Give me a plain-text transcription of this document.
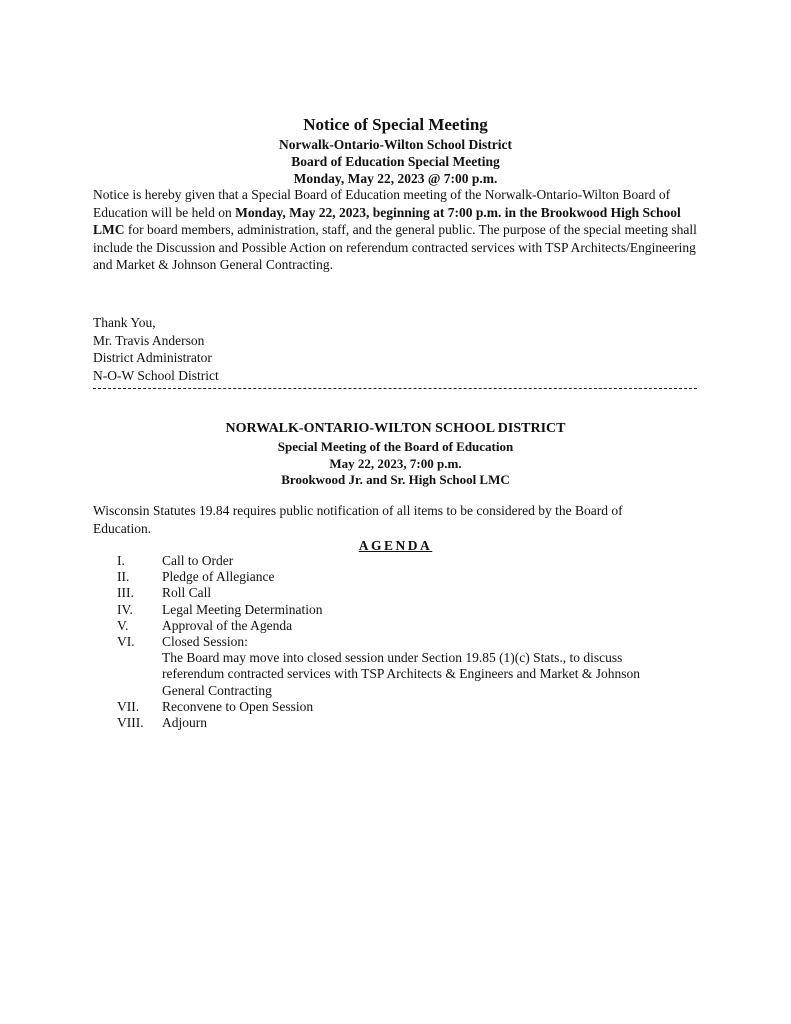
Notice of Special Meeting
Norwalk-Ontario-Wilton School District
Board of Education Special Meeting
Monday, May 22, 2023 @ 7:00 p.m.
Notice is hereby given that a Special Board of Education meeting of the Norwalk-Ontario-Wilton Board of Education will be held on Monday, May 22, 2023, beginning at 7:00 p.m. in the Brookwood High School LMC for board members, administration, staff, and the general public. The purpose of the special meeting shall include the Discussion and Possible Action on referendum contracted services with TSP Architects/Engineering and Market & Johnson General Contracting.
Thank You,
Mr. Travis Anderson
District Administrator
N-O-W School District
NORWALK-ONTARIO-WILTON SCHOOL DISTRICT
Special Meeting of the Board of Education
May 22, 2023, 7:00 p.m.
Brookwood Jr. and Sr. High School LMC
Wisconsin Statutes 19.84 requires public notification of all items to be considered by the Board of Education.
AGENDA
I.	Call to Order
II.	Pledge of Allegiance
III.	Roll Call
IV.	Legal Meeting Determination
V.	Approval of the Agenda
VI.	Closed Session:
The Board may move into closed session under Section 19.85 (1)(c) Stats., to discuss referendum contracted services with TSP Architects & Engineers and Market & Johnson General Contracting
VII.	Reconvene to Open Session
VIII.	Adjourn
